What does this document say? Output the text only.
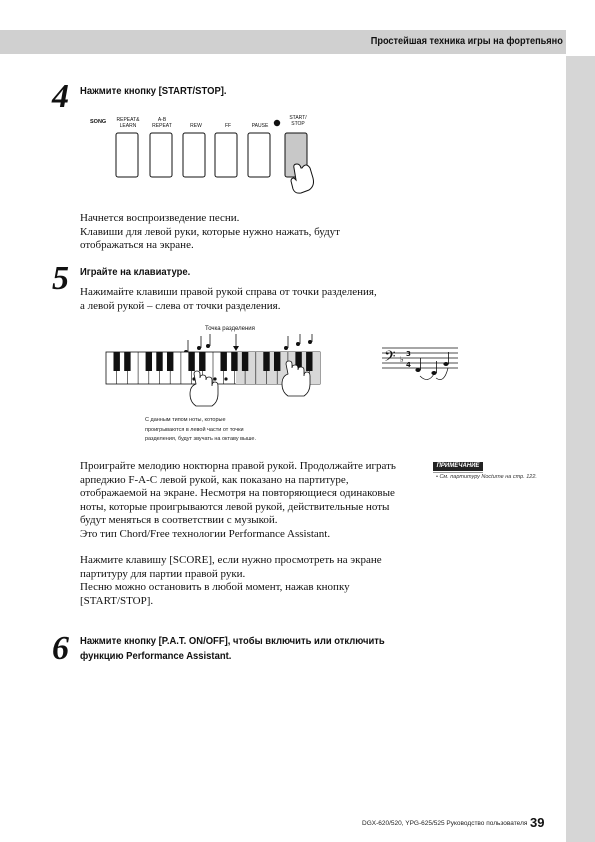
Простейшая техника игры на фортепьяно
4 Нажмите кнопку [START/STOP].
SONG	REPEAT&
LEARN
A-B
REPEAT	REW	FF	PAUSE
START/
STOP
Начнется воспроизведение песни.
Клавиши для левой руки, которые нужно нажать, будут
отображаться на экране.
5 Играйте на клавиатуре.
Нажимайте клавиши правой рукой справа от точки разделения,
а левой рукой – слева от точки разделения.
Точка разделения
𝄢 ♭
3
4
С данным типом ноты, которые
проигрываются в левой части от точки
разделения, будут звучать на октаву выше.
Проиграйте мелодию ноктюрна правой рукой. Продолжайте играть
арпеджио F-A-C левой рукой, как показано на партитуре,
отображаемой на экране. Несмотря на повторяющиеся одинаковые
ноты, которые проигрываются левой рукой, действительные ноты
будут меняться в соответствии с музыкой.
Это тип Chord/Free технологии Performance Assistant.
Нажмите клавишу [SCORE], если нужно просмотреть на экране
партитуру для партии правой руки.
Песню можно остановить в любой момент, нажав кнопку
[START/STOP].
ПРИМЕЧАНИЕ
• См. партитуру Nocturne на стр. 122.
6 Нажмите кнопку [P.A.T. ON/OFF], чтобы включить или отключить
функцию Performance Assistant.
DGX-620/520, YPG-625/525 Руководство пользователя 39
